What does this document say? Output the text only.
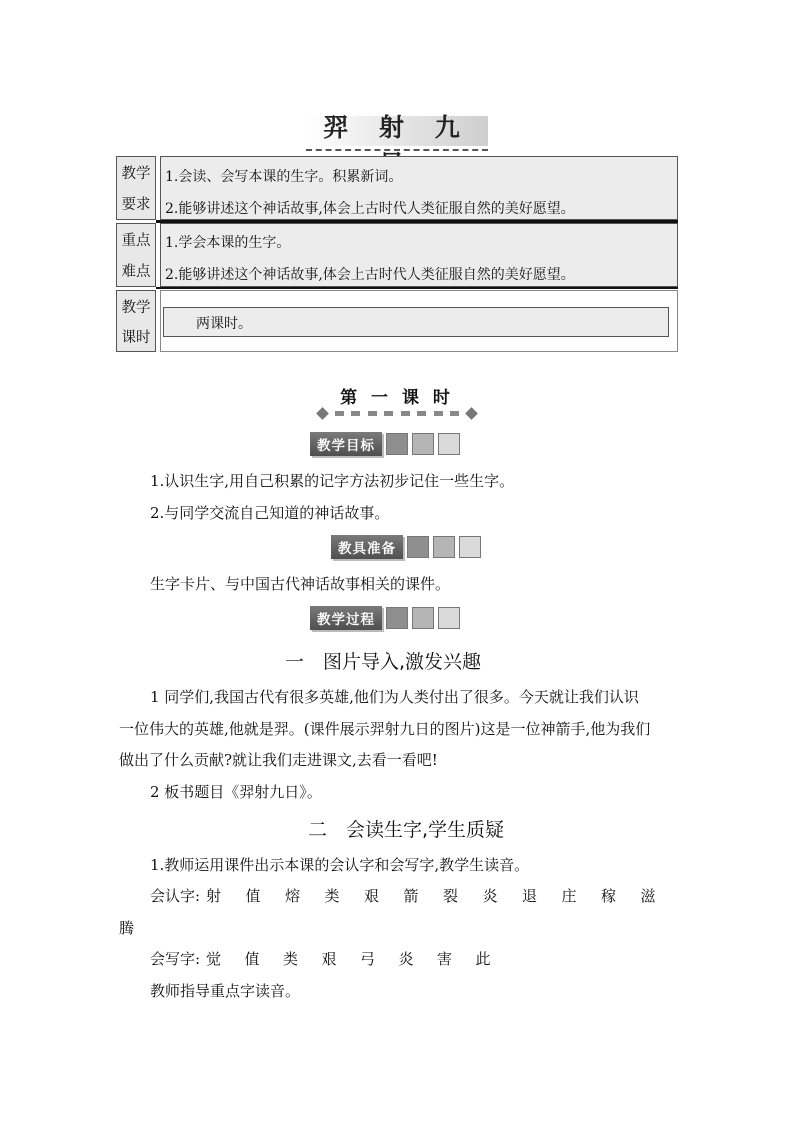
羿 射 九
教学
要求
1.会读、会写本课的生字。积累新词。
2.能够讲述这个神话故事,体会上古时代人类征服自然的美好愿望。
重点
难点
1.学会本课的生字。
2.能够讲述这个神话故事,体会上古时代人类征服自然的美好愿望。
教学
课时
两课时。
第 一 课 时
教学目标
1.认识生字,用自己积累的记字方法初步记住一些生字。
2.与同学交流自己知道的神话故事。
教具准备
生字卡片、与中国古代神话故事相关的课件。
教学过程
一　图片导入,激发兴趣
1 同学们,我国古代有很多英雄,他们为人类付出了很多。今天就让我们认识
一位伟大的英雄,他就是羿。(课件展示羿射九日的图片)这是一位神箭手,他为我们
做出了什么贡献?就让我们走进课文,去看一看吧!
2 板书题目《羿射九日》。
二　会读生字,学生质疑
1.教师运用课件出示本课的会认字和会写字,教学生读音。
会认字: 射 值 熔 类 艰 箭 裂 炎 退 庄 稼 滋
腾
会写字: 觉 值 类 艰 弓 炎 害 此
教师指导重点字读音。
